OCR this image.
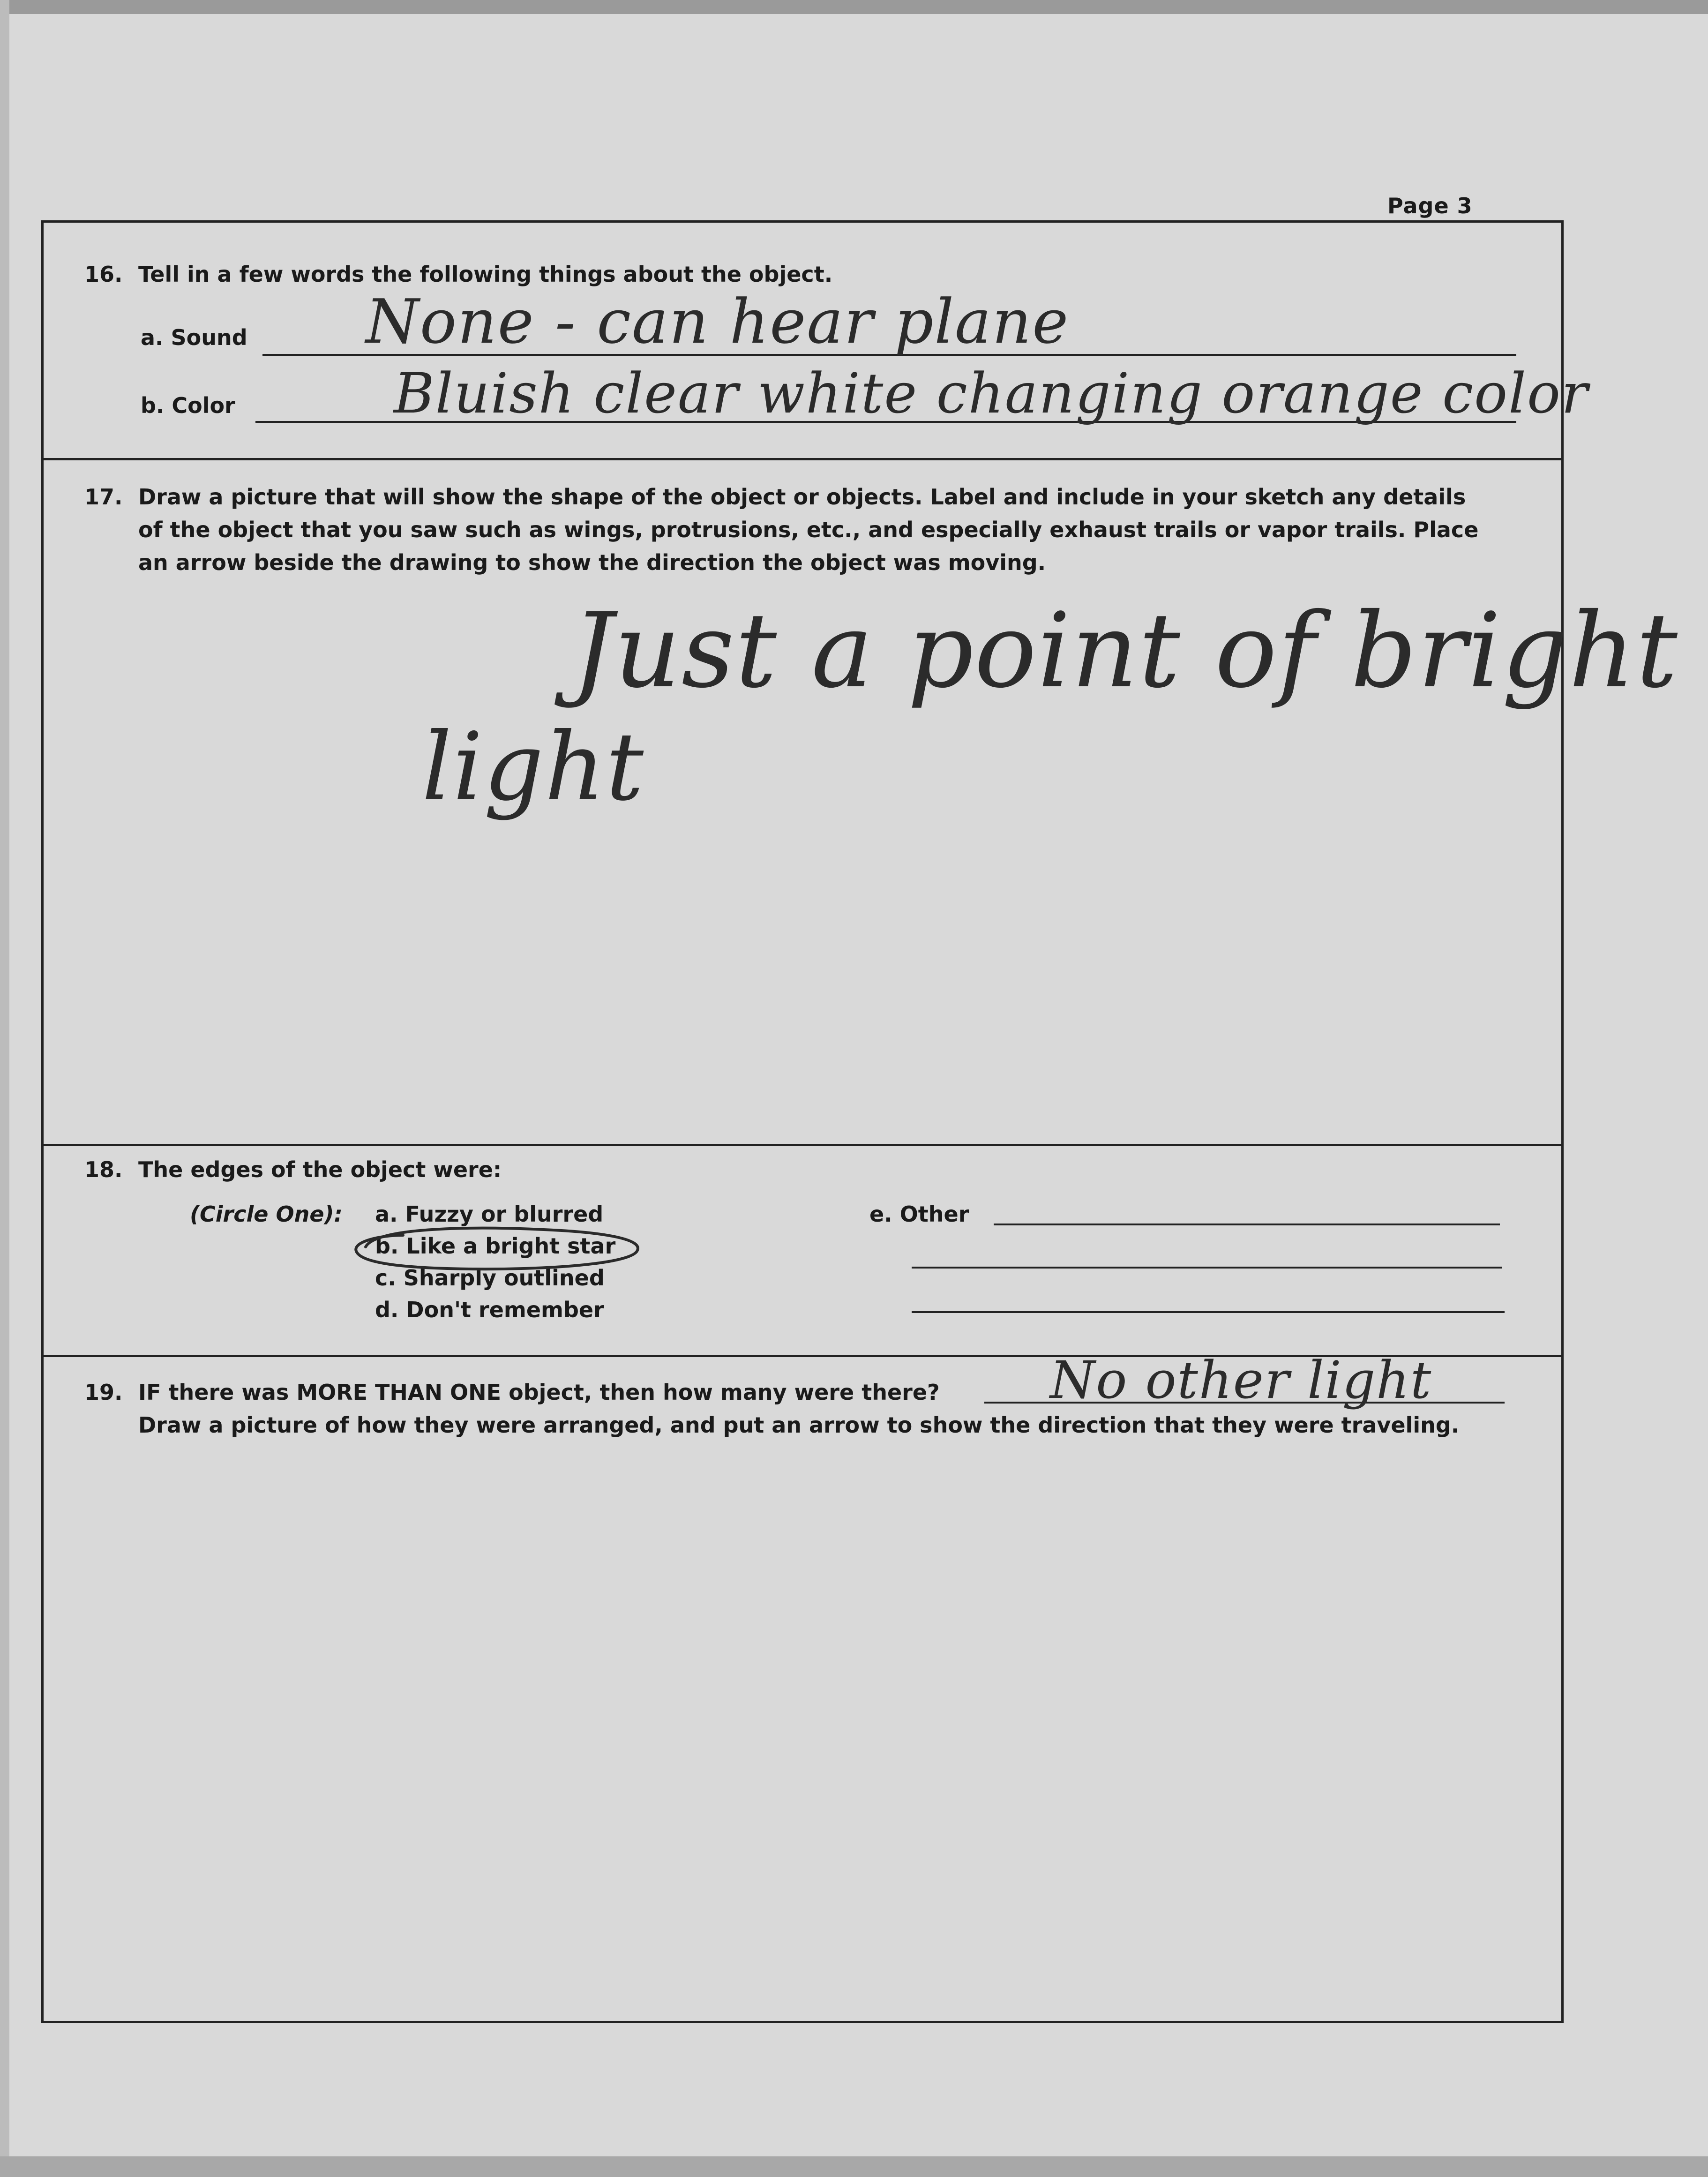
Page 3
16. Tell in a few words the following things about the object.
a. Sound None - can hear plane
b. Color	Bluish clear white changing orange color
17. Draw a picture that will show the shape of the object or objects. Label and include in your sketch any details
of the object that you saw such as wings, protrusions, etc., and especially exhaust trails or vapor trails. Place
an arrow beside the drawing to show the direction the object was moving.
Just a point of bright
light
18. The edges of the object were:
(Circle One): a. Fuzzy or blurred
b. Like a bright star
c. Sharply outlined
d. Don't remember
e. Other
19. IF there was MORE THAN ONE object, then how many were there? No other light
Draw a picture of how they were arranged, and put an arrow to show the direction that they were traveling.
